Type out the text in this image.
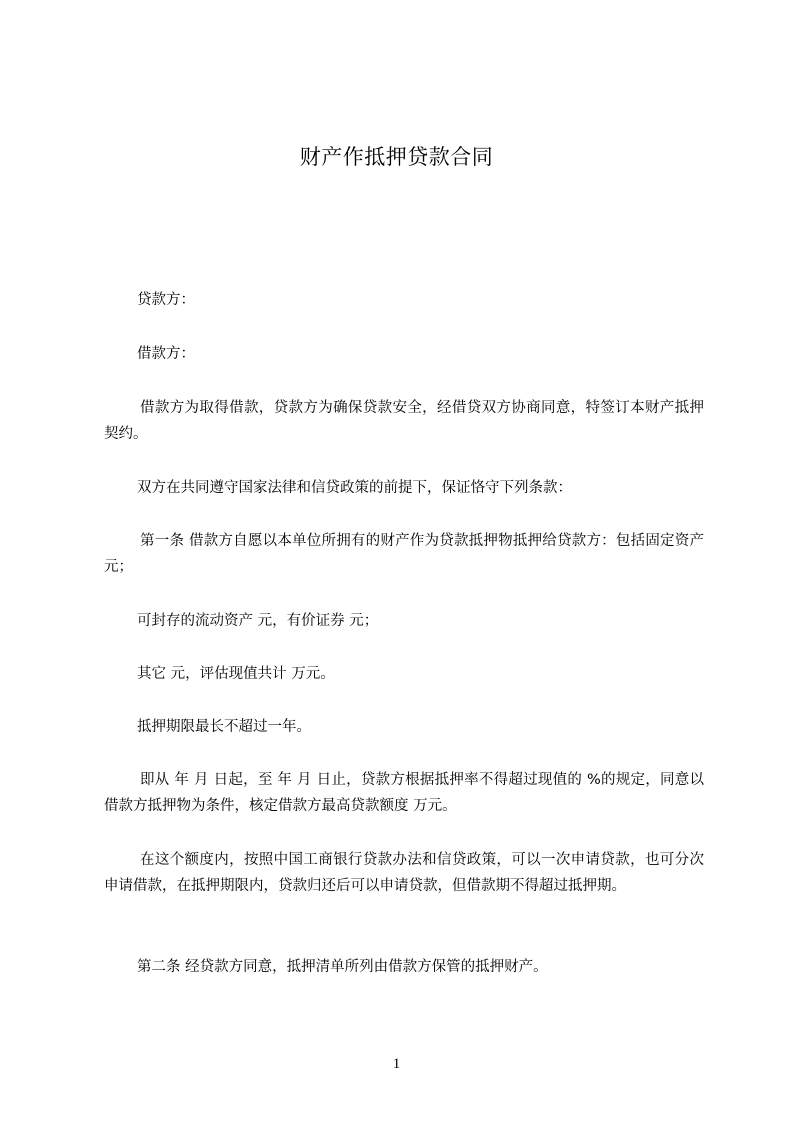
财产作抵押贷款合同
贷款方：
借款方：
借款方为取得借款，贷款方为确保贷款安全，经借贷双方协商同意，特签订本财产抵押契约。
双方在共同遵守国家法律和信贷政策的前提下，保证恪守下列条款：
第一条 借款方自愿以本单位所拥有的财产作为贷款抵押物抵押给贷款方：包括固定资产 元；
可封存的流动资产 元，有价证券 元；
其它 元，评估现值共计 万元。
抵押期限最长不超过一年。
即从 年 月 日起，至 年 月 日止，贷款方根据抵押率不得超过现值的 %的规定，同意以借款方抵押物为条件，核定借款方最高贷款额度 万元。
在这个额度内，按照中国工商银行贷款办法和信贷政策，可以一次申请贷款，也可分次申请借款，在抵押期限内，贷款归还后可以申请贷款，但借款期不得超过抵押期。
第二条 经贷款方同意，抵押清单所列由借款方保管的抵押财产。
1
